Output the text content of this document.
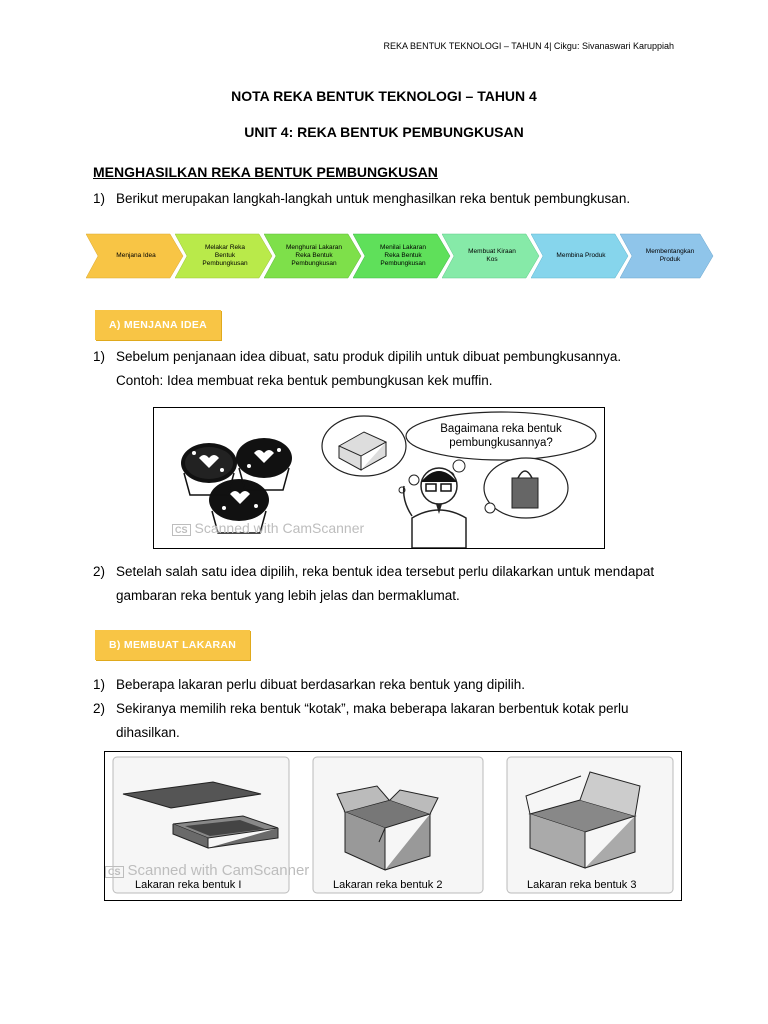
REKA BENTUK TEKNOLOGI – TAHUN 4| Cikgu: Sivanaswari Karuppiah
NOTA REKA BENTUK TEKNOLOGI – TAHUN 4
UNIT 4: REKA BENTUK PEMBUNGKUSAN
MENGHASILKAN REKA BENTUK PEMBUNGKUSAN
1) Berikut merupakan langkah-langkah untuk menghasilkan reka bentuk pembungkusan.
Menjana Idea
Melakar Reka Bentuk Pembungkusan
Menghurai Lakaran Reka Bentuk Pembungkusan
Menilai Lakaran Reka Bentuk Pembungkusan
Membuat Kiraan Kos
Membina Produk
Membentangkan Produk
A) MENJANA IDEA
1) Sebelum penjanaan idea dibuat, satu produk dipilih untuk dibuat pembungkusannya.
Contoh: Idea membuat reka bentuk pembungkusan kek muffin.
Bagaimana reka bentuk
pembungkusannya?
CS Scanned with CamScanner
2) Setelah salah satu idea dipilih, reka bentuk idea tersebut perlu dilakarkan untuk mendapat
gambaran reka bentuk yang lebih jelas dan bermaklumat.
B) MEMBUAT LAKARAN
1) Beberapa lakaran perlu dibuat berdasarkan reka bentuk yang dipilih.
2) Sekiranya memilih reka bentuk “kotak”, maka beberapa lakaran berbentuk kotak perlu
dihasilkan.
CS Scanned with CamScanner
Lakaran reka bentuk I	Lakaran reka bentuk 2	Lakaran reka bentuk 3
